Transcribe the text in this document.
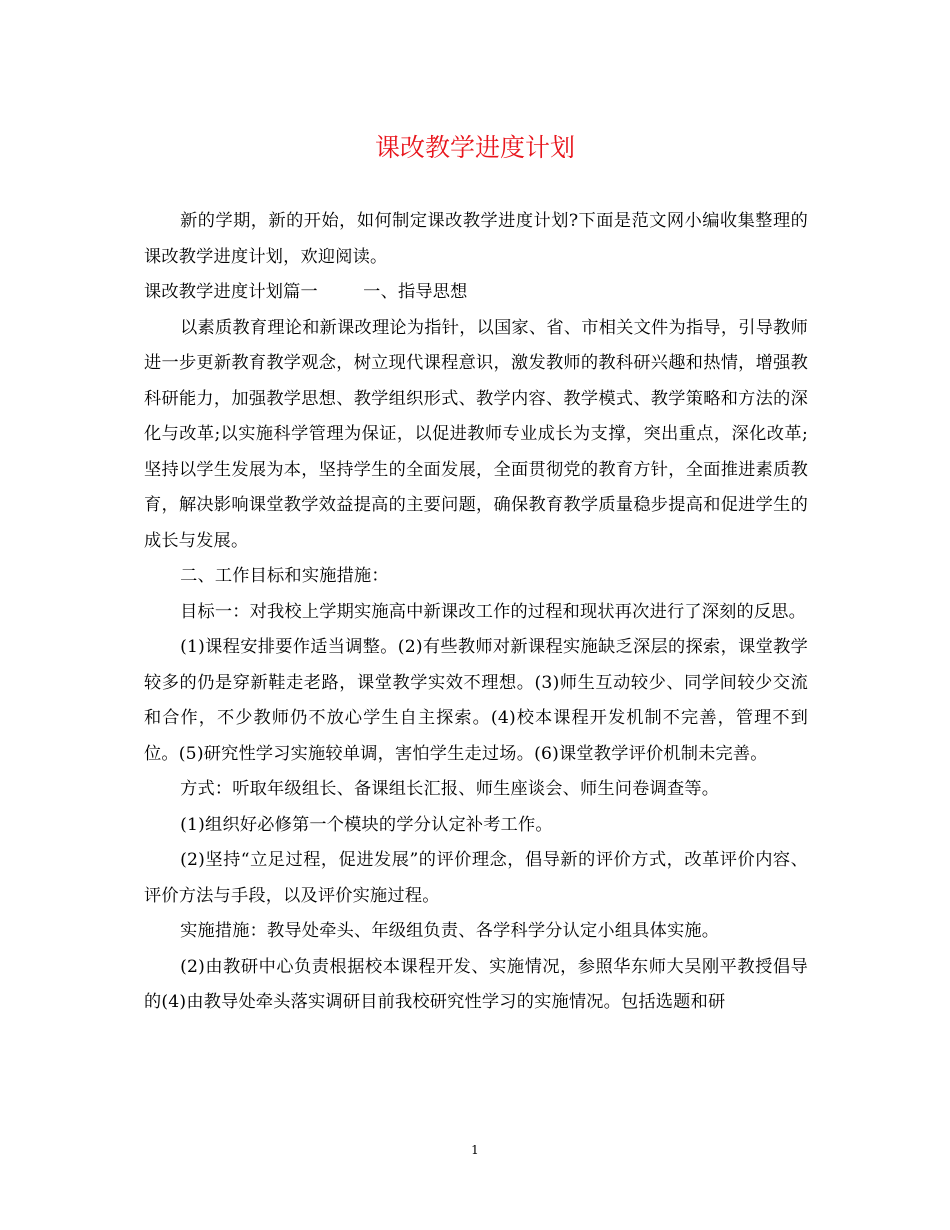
课改教学进度计划

新的学期，新的开始，如何制定课改教学进度计划?下面是范文网小编收集整理的课改教学进度计划，欢迎阅读。

课改教学进度计划篇一        一、指导思想

以素质教育理论和新课改理论为指针，以国家、省、市相关文件为指导，引导教师进一步更新教育教学观念，树立现代课程意识，激发教师的教科研兴趣和热情，增强教科研能力，加强教学思想、教学组织形式、教学内容、教学模式、教学策略和方法的深化与改革;以实施科学管理为保证，以促进教师专业成长为支撑，突出重点，深化改革;坚持以学生发展为本，坚持学生的全面发展，全面贯彻党的教育方针，全面推进素质教育，解决影响课堂教学效益提高的主要问题，确保教育教学质量稳步提高和促进学生的成长与发展。

二、工作目标和实施措施：

目标一：对我校上学期实施高中新课改工作的过程和现状再次进行了深刻的反思。

(1)课程安排要作适当调整。(2)有些教师对新课程实施缺乏深层的探索，课堂教学较多的仍是穿新鞋走老路，课堂教学实效不理想。(3)师生互动较少、同学间较少交流和合作，不少教师仍不放心学生自主探索。(4)校本课程开发机制不完善，管理不到位。(5)研究性学习实施较单调，害怕学生走过场。(6)课堂教学评价机制未完善。

方式：听取年级组长、备课组长汇报、师生座谈会、师生问卷调查等。

(1)组织好必修第一个模块的学分认定补考工作。

(2)坚持“立足过程，促进发展”的评价理念，倡导新的评价方式，改革评价内容、评价方法与手段，以及评价实施过程。

实施措施：教导处牵头、年级组负责、各学科学分认定小组具体实施。

(2)由教研中心负责根据校本课程开发、实施情况，参照华东师大吴刚平教授倡导的(4)由教导处牵头落实调研目前我校研究性学习的实施情况。包括选题和研

1
